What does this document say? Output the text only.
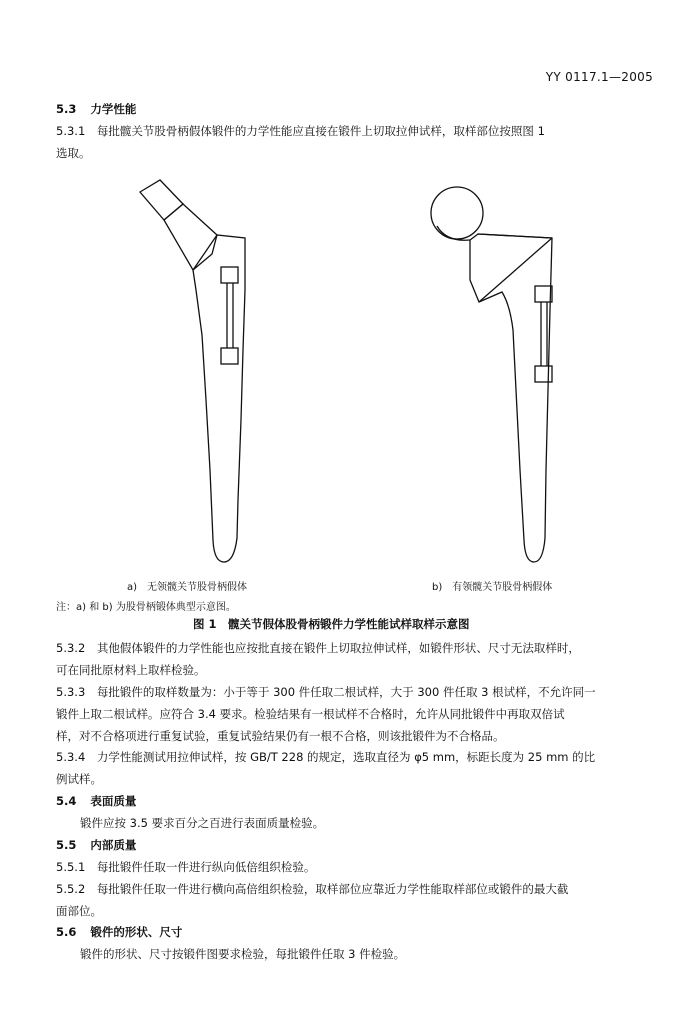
YY 0117.1—2005
5.3 力学性能
5.3.1 每批髋关节股骨柄假体锻件的力学性能应直接在锻件上切取拉伸试样，取样部位按照图 1
选取。
a)　无领髋关节股骨柄假体	b)　有领髋关节股骨柄假体
注：a) 和 b) 为股骨柄锻体典型示意图。
图 1　髋关节假体股骨柄锻件力学性能试样取样示意图
5.3.2 其他假体锻件的力学性能也应按批直接在锻件上切取拉伸试样，如锻件形状、尺寸无法取样时，
可在同批原材料上取样检验。
5.3.3 每批锻件的取样数量为：小于等于 300 件任取二根试样，大于 300 件任取 3 根试样，不允许同一
锻件上取二根试样。应符合 3.4 要求。检验结果有一根试样不合格时，允许从同批锻件中再取双倍试
样，对不合格项进行重复试验，重复试验结果仍有一根不合格，则该批锻件为不合格品。
5.3.4 力学性能测试用拉伸试样，按 GB/T 228 的规定，选取直径为 φ5 mm，标距长度为 25 mm 的比
例试样。
5.4 表面质量
锻件应按 3.5 要求百分之百进行表面质量检验。
5.5 内部质量
5.5.1 每批锻件任取一件进行纵向低倍组织检验。
5.5.2 每批锻件任取一件进行横向高倍组织检验，取样部位应靠近力学性能取样部位或锻件的最大截
面部位。
5.6 锻件的形状、尺寸
锻件的形状、尺寸按锻件图要求检验，每批锻件任取 3 件检验。
